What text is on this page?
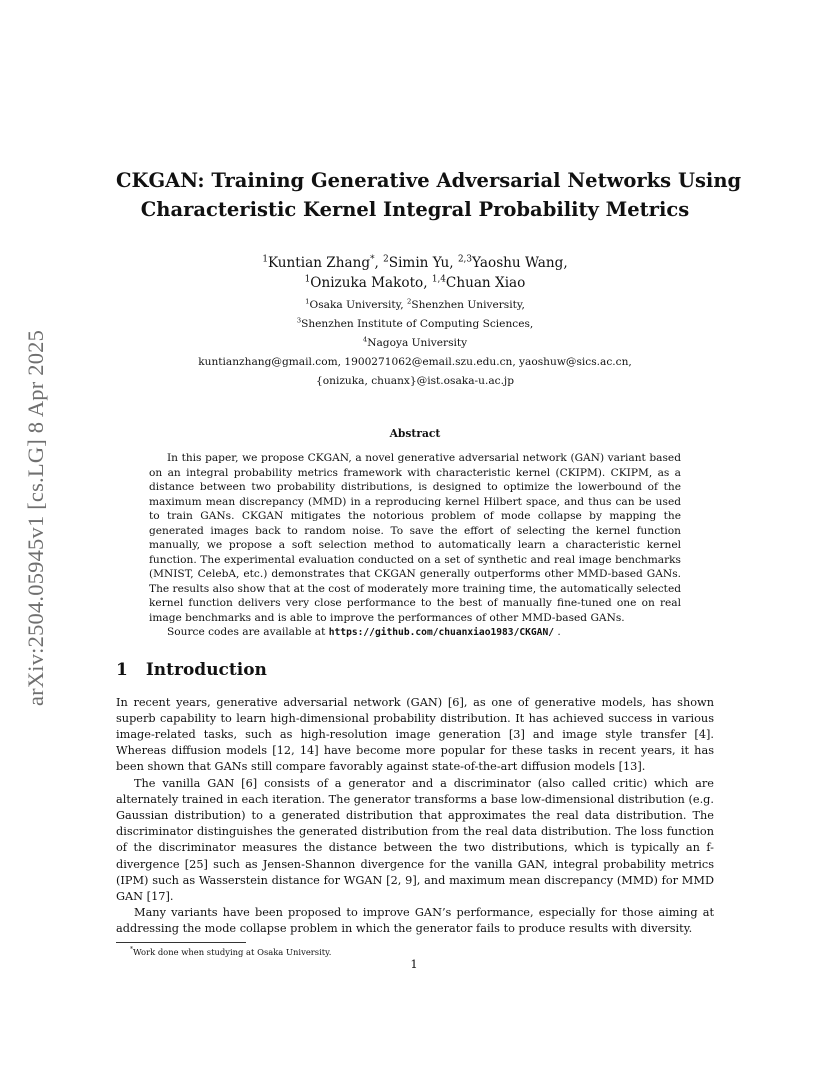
arXiv:2504.05945v1 [cs.LG] 8 Apr 2025
CKGAN: Training Generative Adversarial Networks Using
Characteristic Kernel Integral Probability Metrics
$^1$Kuntian Zhang*, $^2$Simin Yu, $^{2,3}$Yaoshu Wang,
$^1$Onizuka Makoto, $^{1,4}$Chuan Xiao
$^1$Osaka University, $^2$Shenzhen University,
$^3$Shenzhen Institute of Computing Sciences,
$^4$Nagoya University
kuntianzhang@gmail.com, 1900271062@email.szu.edu.cn, yaoshuw@sics.ac.cn,
{onizuka, chuanx}@ist.osaka-u.ac.jp
Abstract

In this paper, we propose CKGAN, a novel generative adversarial network (GAN) variant based on an integral probability metrics framework with characteristic kernel (CKIPM). CKIPM, as a distance between two probability distributions, is designed to optimize the lowerbound of the maximum mean discrepancy (MMD) in a reproducing kernel Hilbert space, and thus can be used to train GANs. CKGAN mitigates the notorious problem of mode collapse by mapping the generated images back to random noise. To save the effort of selecting the kernel function manually, we propose a soft selection method to automatically learn a characteristic kernel function. The experimental evaluation conducted on a set of synthetic and real image benchmarks (MNIST, CelebA, etc.) demonstrates that CKGAN generally outperforms other MMD-based GANs. The results also show that at the cost of moderately more training time, the automatically selected kernel function delivers very close performance to the best of manually fine-tuned one on real image benchmarks and is able to improve the performances of other MMD-based GANs.

Source codes are available at https://github.com/chuanxiao1983/CKGAN/ .

1 Introduction

In recent years, generative adversarial network (GAN) [6], as one of generative models, has shown superb capability to learn high-dimensional probability distribution. It has achieved success in various image-related tasks, such as high-resolution image generation [3] and image style transfer [4]. Whereas diffusion models [12, 14] have become more popular for these tasks in recent years, it has been shown that GANs still compare favorably against state-of-the-art diffusion models [13].

The vanilla GAN [6] consists of a generator and a discriminator (also called critic) which are alternately trained in each iteration. The generator transforms a base low-dimensional distribution (e.g. Gaussian distribution) to a generated distribution that approximates the real data distribution. The discriminator distinguishes the generated distribution from the real data distribution. The loss function of the discriminator measures the distance between the two distributions, which is typically an f-divergence [25] such as Jensen-Shannon divergence for the vanilla GAN, integral probability metrics (IPM) such as Wasserstein distance for WGAN [2, 9], and maximum mean discrepancy (MMD) for MMD GAN [17].

Many variants have been proposed to improve GAN’s performance, especially for those aiming at addressing the mode collapse problem in which the generator fails to produce results with diversity.

*Work done when studying at Osaka University.
1
